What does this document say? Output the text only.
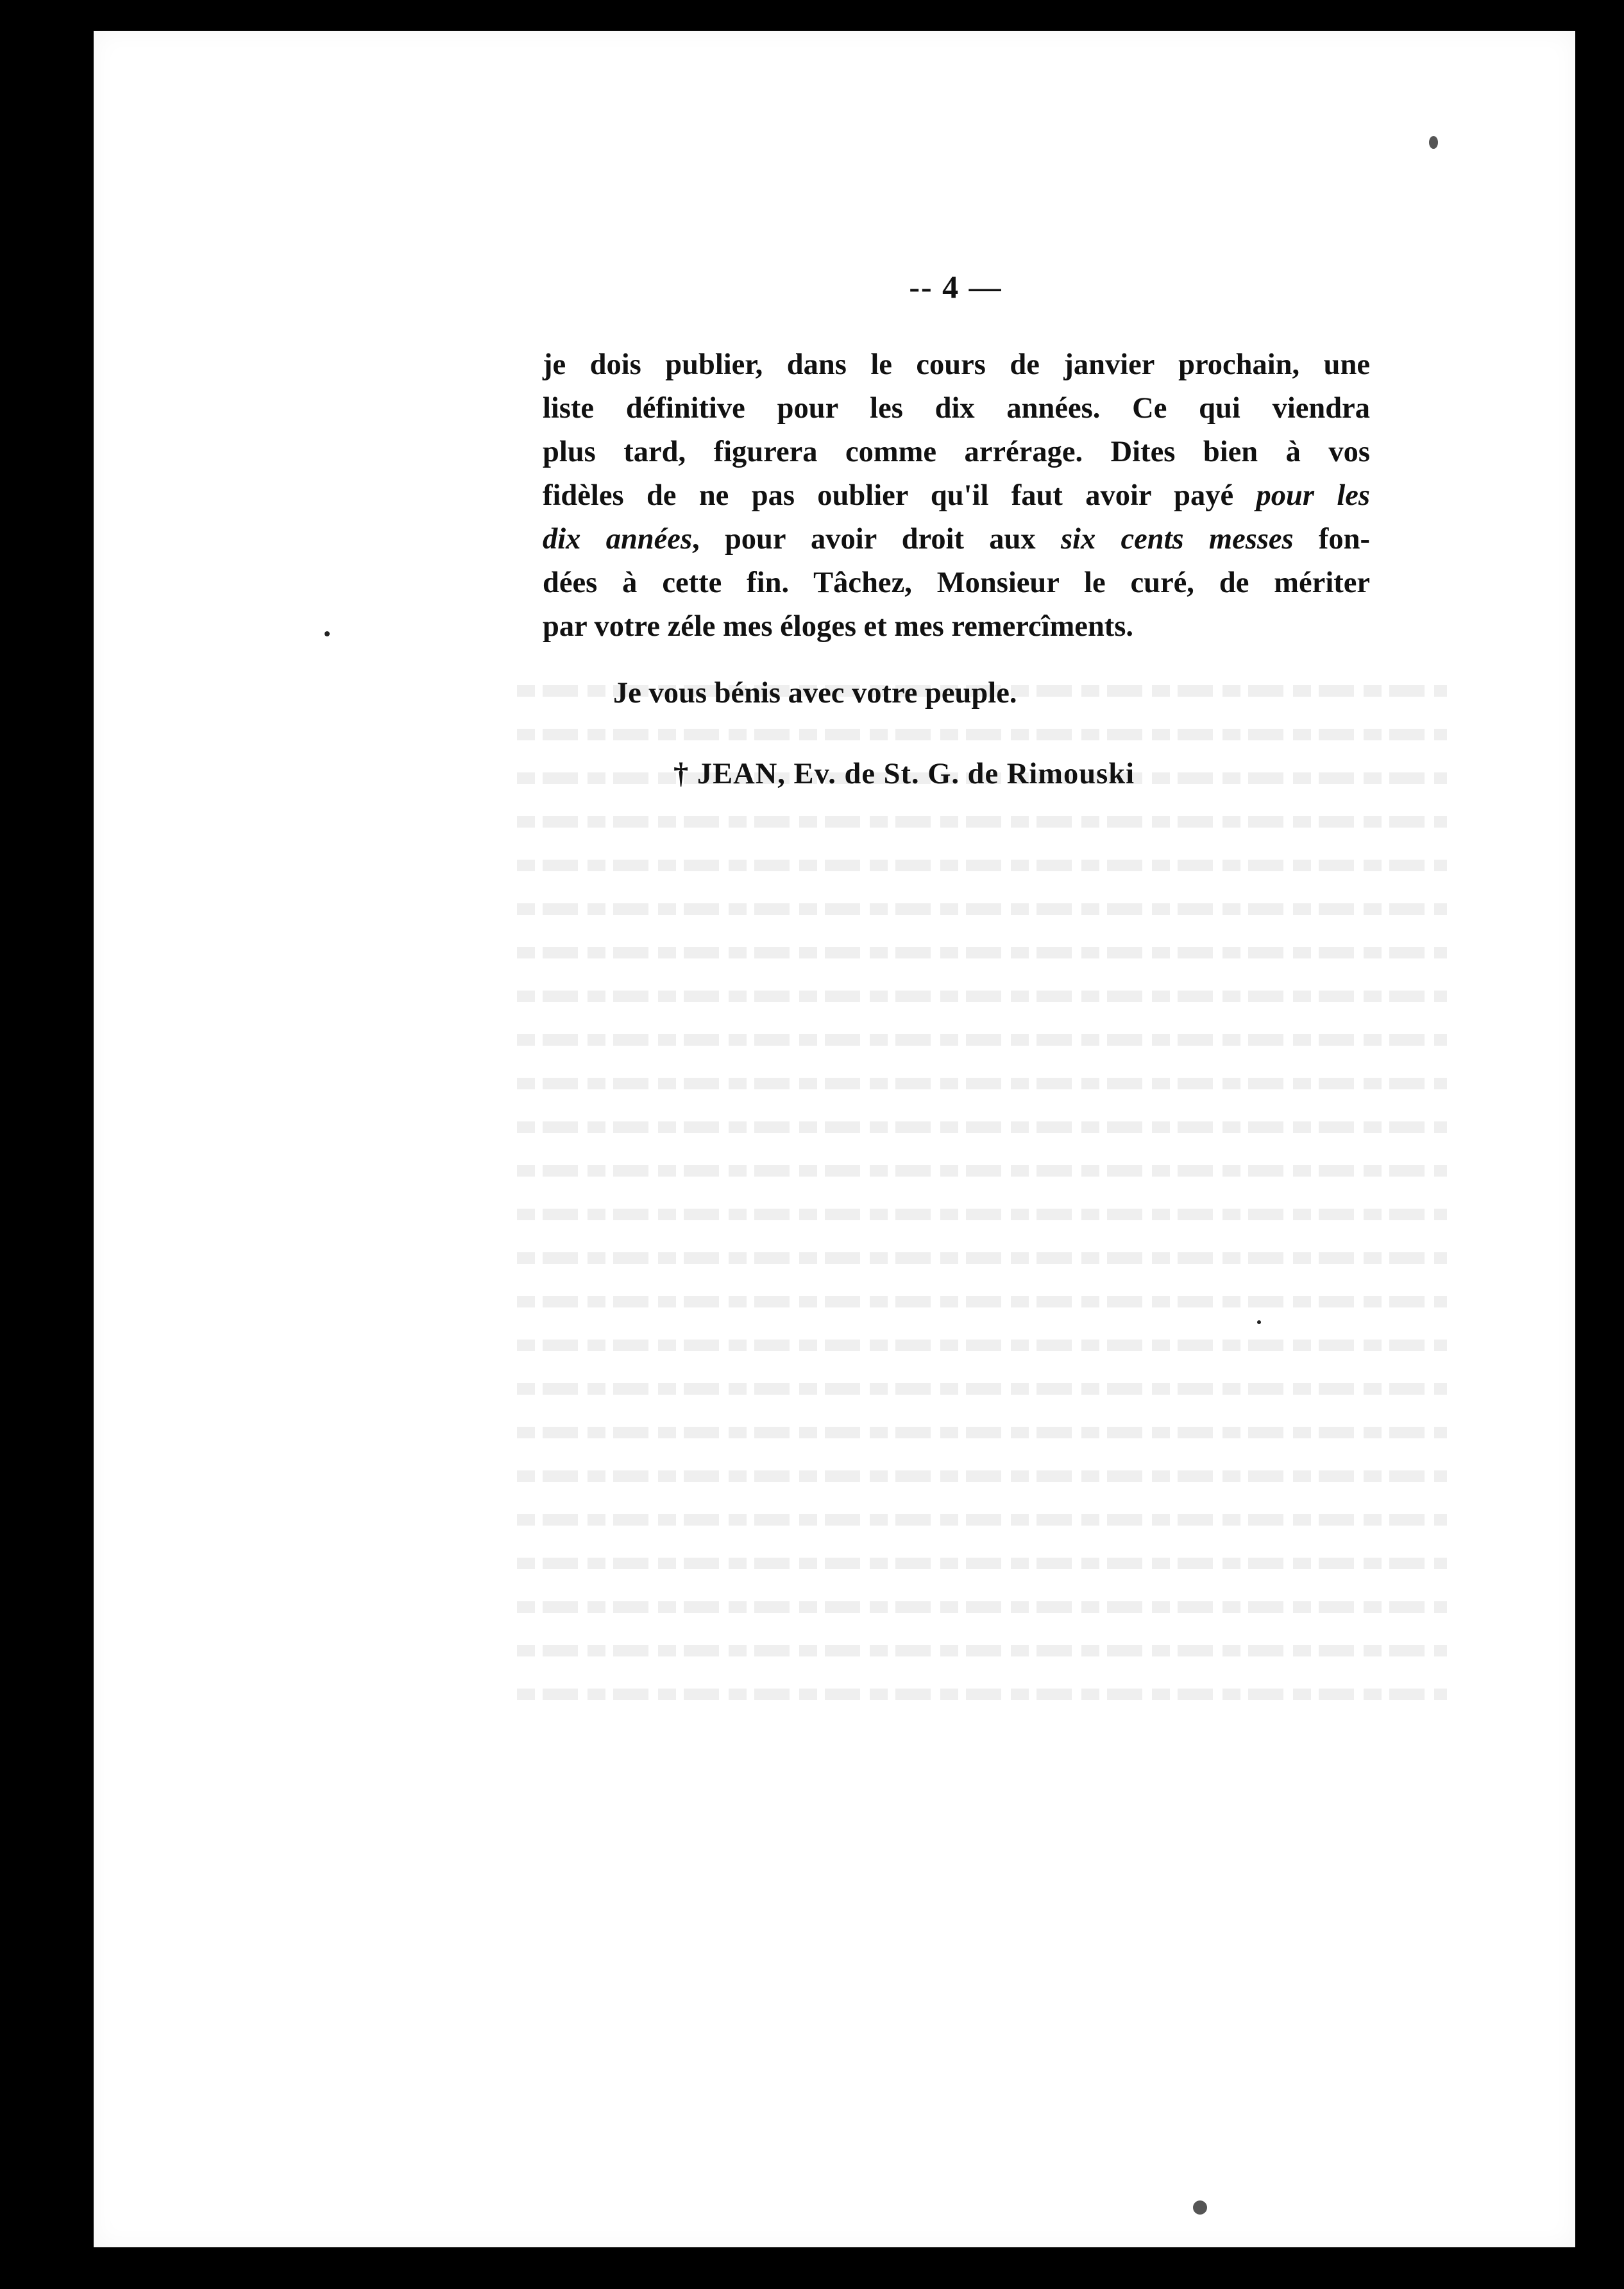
-- 4 —
je dois publier, dans le cours de janvier prochain, une
liste définitive pour les dix années. Ce qui viendra
plus tard, figurera comme arrérage. Dites bien à vos
fidèles de ne pas oublier qu'il faut avoir payé pour les
dix années, pour avoir droit aux six cents messes fon-
dées à cette fin. Tâchez, Monsieur le curé, de mériter
par votre zéle mes éloges et mes remercîments.
Je vous bénis avec votre peuple.
† JEAN, Ev. de St. G. de Rimouski
